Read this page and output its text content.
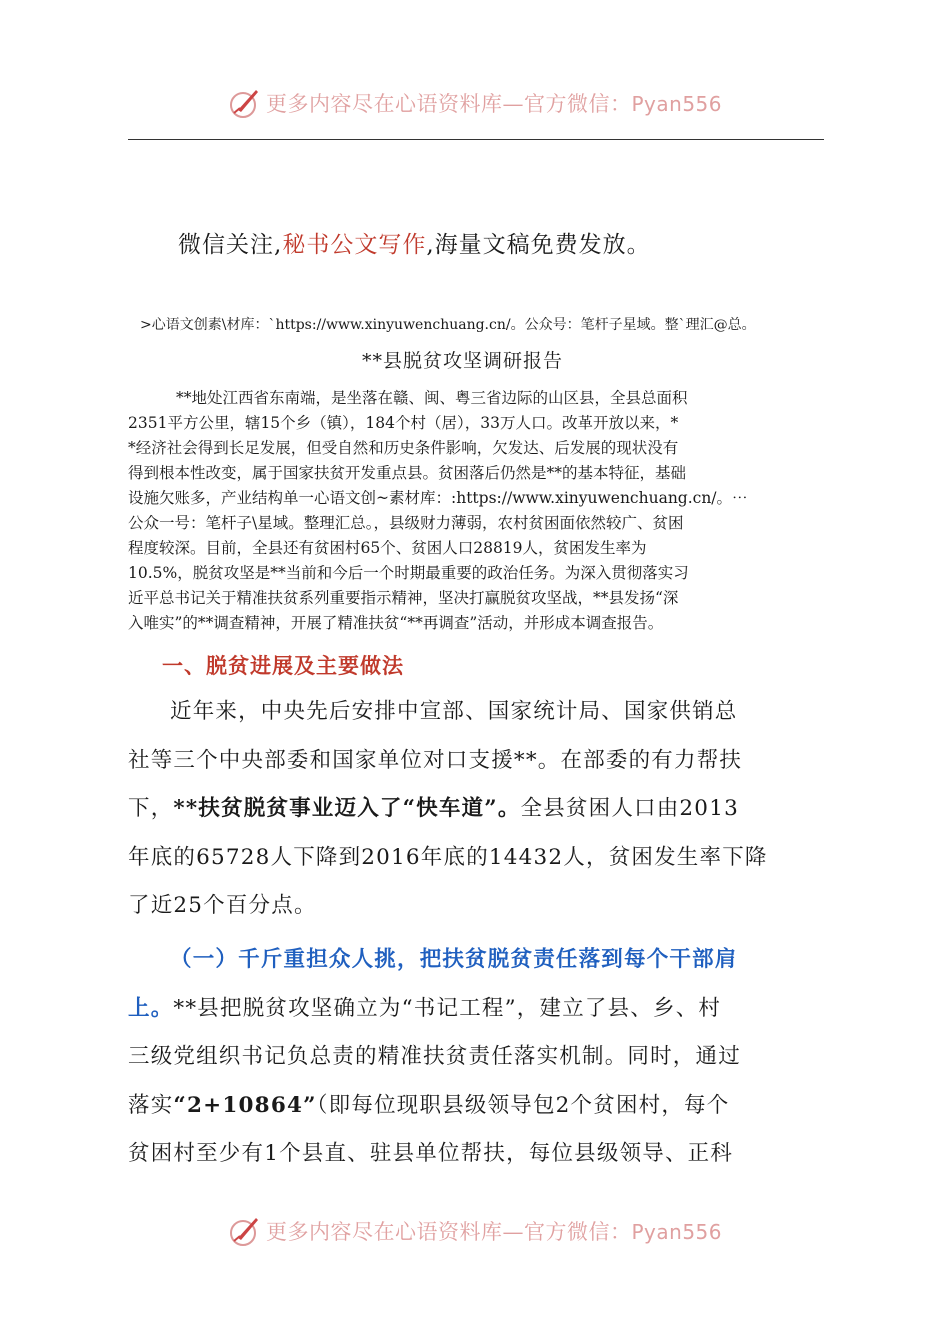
更多内容尽在心语资料库—官方微信：Pyan556
微信关注,秘书公文写作,海量文稿免费发放。
>心语文创素\材库：`https://www.xinyuwenchuang.cn/。公众号：笔杆子星域。整`理汇@总。
**县脱贫攻坚调研报告
**地处江西省东南端，是坐落在赣、闽、粤三省边际的山区县，全县总面积
2351平方公里，辖15个乡（镇），184个村（居），33万人口。改革开放以来，*
*经济社会得到长足发展，但受自然和历史条件影响，欠发达、后发展的现状没有
得到根本性改变，属于国家扶贫开发重点县。贫困落后仍然是**的基本特征，基础
设施欠账多，产业结构单一心语文创~素材库：:https://www.xinyuwenchuang.cn/。⋯
公众一号：笔杆子\星域。整理汇总。，县级财力薄弱，农村贫困面依然较广、贫困
程度较深。目前，全县还有贫困村65个、贫困人口28819人，贫困发生率为
10.5%，脱贫攻坚是**当前和今后一个时期最重要的政治任务。为深入贯彻落实习
近平总书记关于精准扶贫系列重要指示精神，坚决打赢脱贫攻坚战，**县发扬“深
入唯实”的**调查精神，开展了精准扶贫“**再调查”活动，并形成本调查报告。
一、脱贫进展及主要做法
近年来，中央先后安排中宣部、国家统计局、国家供销总
社等三个中央部委和国家单位对口支援**。在部委的有力帮扶
下，**扶贫脱贫事业迈入了“快车道”。全县贫困人口由2013
年底的65728人下降到2016年底的14432人，贫困发生率下降
了近25个百分点。
（一）千斤重担众人挑，把扶贫脱贫责任落到每个干部肩
上。**县把脱贫攻坚确立为“书记工程”，建立了县、乡、村
三级党组织书记负总责的精准扶贫责任落实机制。同时，通过
落实“2+10864”（即每位现职县级领导包2个贫困村，每个
贫困村至少有1个县直、驻县单位帮扶，每位县级领导、正科
更多内容尽在心语资料库—官方微信：Pyan556
